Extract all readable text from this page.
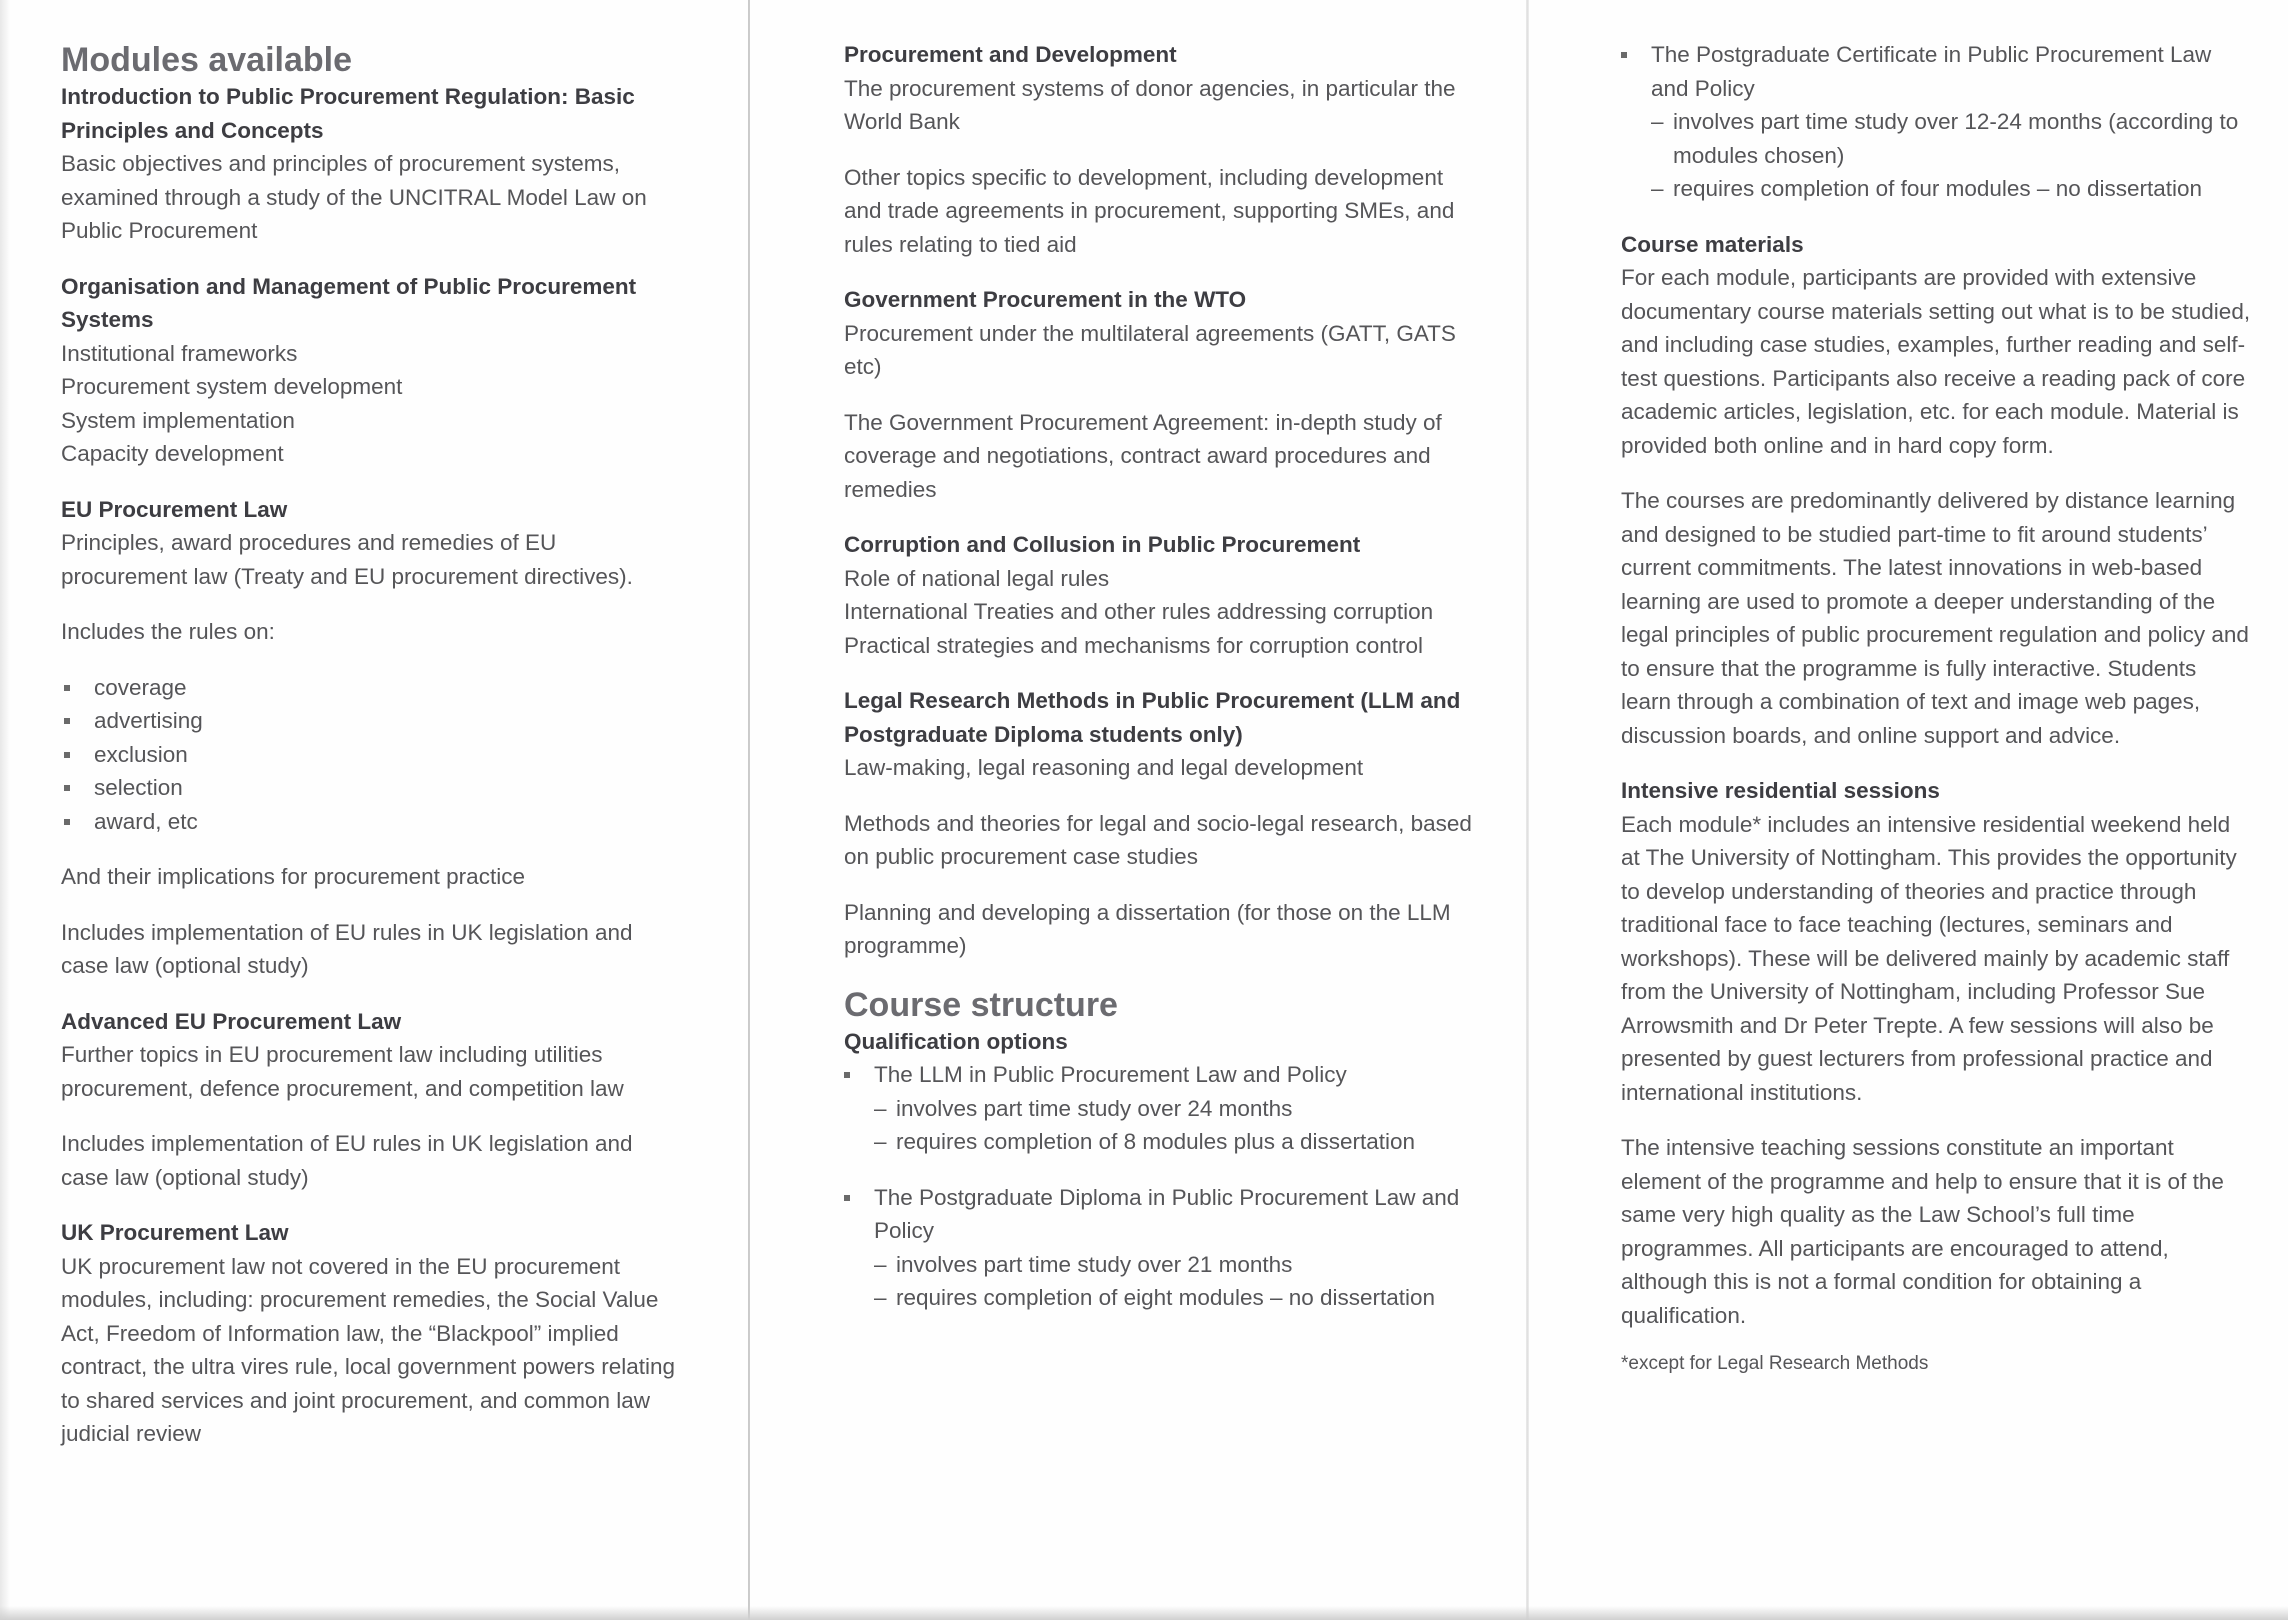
Modules available
Introduction to Public Procurement Regulation: Basic Principles and Concepts
Basic objectives and principles of procurement systems, examined through a study of the UNCITRAL Model Law on Public Procurement
Organisation and Management of Public Procurement Systems
Institutional frameworks
Procurement system development
System implementation
Capacity development
EU Procurement Law
Principles, award procedures and remedies of EU procurement law (Treaty and EU procurement directives).
Includes the rules on:
coverage
advertising
exclusion
selection
award, etc
And their implications for procurement practice
Includes implementation of EU rules in UK legislation and case law (optional study)
Advanced EU Procurement Law
Further topics in EU procurement law including utilities procurement, defence procurement, and competition law
Includes implementation of EU rules in UK legislation and case law (optional study)
UK Procurement Law
UK procurement law not covered in the EU procurement modules, including: procurement remedies, the Social Value Act, Freedom of Information law, the “Blackpool” implied contract, the ultra vires rule, local government powers relating to shared services and joint procurement, and common law judicial review
Procurement and Development
The procurement systems of donor agencies, in particular the World Bank
Other topics specific to development, including development and trade agreements in procurement, supporting SMEs, and rules relating to tied aid
Government Procurement in the WTO
Procurement under the multilateral agreements (GATT, GATS etc)
The Government Procurement Agreement: in-depth study of coverage and negotiations, contract award procedures and remedies
Corruption and Collusion in Public Procurement
Role of national legal rules
International Treaties and other rules addressing corruption
Practical strategies and mechanisms for corruption control
Legal Research Methods in Public Procurement (LLM and Postgraduate Diploma students only)
Law-making, legal reasoning and legal development
Methods and theories for legal and socio-legal research, based on public procurement case studies
Planning and developing a dissertation (for those on the LLM programme)
Course structure
Qualification options
The LLM in Public Procurement Law and Policy
– involves part time study over 24 months
– requires completion of 8 modules plus a dissertation
The Postgraduate Diploma in Public Procurement Law and Policy
– involves part time study over 21 months
– requires completion of eight modules – no dissertation
The Postgraduate Certificate in Public Procurement Law and Policy
– involves part time study over 12-24 months (according to modules chosen)
– requires completion of four modules – no dissertation
Course materials
For each module, participants are provided with extensive documentary course materials setting out what is to be studied, and including case studies, examples, further reading and self-test questions. Participants also receive a reading pack of core academic articles, legislation, etc. for each module. Material is provided both online and in hard copy form.
The courses are predominantly delivered by distance learning and designed to be studied part-time to fit around students’ current commitments. The latest innovations in web-based learning are used to promote a deeper understanding of the legal principles of public procurement regulation and policy and to ensure that the programme is fully interactive. Students learn through a combination of text and image web pages, discussion boards, and online support and advice.
Intensive residential sessions
Each module* includes an intensive residential weekend held at The University of Nottingham. This provides the opportunity to develop understanding of theories and practice through traditional face to face teaching (lectures, seminars and workshops). These will be delivered mainly by academic staff from the University of Nottingham, including Professor Sue Arrowsmith and Dr Peter Trepte. A few sessions will also be presented by guest lecturers from professional practice and international institutions.
The intensive teaching sessions constitute an important element of the programme and help to ensure that it is of the same very high quality as the Law School’s full time programmes. All participants are encouraged to attend, although this is not a formal condition for obtaining a qualification.
*except for Legal Research Methods
